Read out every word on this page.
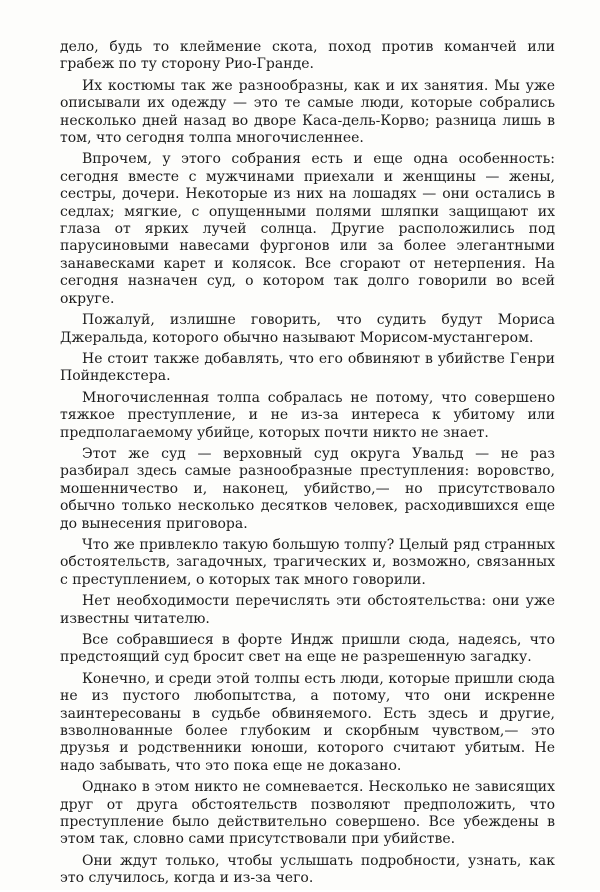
дело, будь то клеймение скота, поход против команчей или грабеж по ту сторону Рио-Гранде.

Их костюмы так же разнообразны, как и их занятия. Мы уже описывали их одежду — это те самые люди, которые собрались несколько дней назад во дворе Каса-дель-Корво; разница лишь в том, что сегодня толпа многочисленнее.

Впрочем, у этого собрания есть и еще одна особенность: сегодня вместе с мужчинами приехали и женщины — жены, сестры, дочери. Некоторые из них на лошадях — они остались в седлах; мягкие, с опущенными полями шляпки защищают их глаза от ярких лучей солнца. Другие расположились под парусиновыми навесами фургонов или за более элегантными занавесками карет и колясок. Все сгорают от нетерпения. На сегодня назначен суд, о котором так долго говорили во всей округе.

Пожалуй, излишне говорить, что судить будут Мориса Джеральда, которого обычно называют Морисом-мустангером.

Не стоит также добавлять, что его обвиняют в убийстве Генри Пойндекстера.

Многочисленная толпа собралась не потому, что совершено тяжкое преступление, и не из-за интереса к убитому или предполагаемому убийце, которых почти никто не знает.

Этот же суд — верховный суд округа Увальд — не раз разбирал здесь самые разнообразные преступления: воровство, мошенничество и, наконец, убийство,— но присутствовало обычно только несколько десятков человек, расходившихся еще до вынесения приговора.

Что же привлекло такую большую толпу? Целый ряд странных обстоятельств, загадочных, трагических и, возможно, связанных с преступлением, о которых так много говорили.

Нет необходимости перечислять эти обстоятельства: они уже известны читателю.

Все собравшиеся в форте Индж пришли сюда, надеясь, что предстоящий суд бросит свет на еще не разрешенную загадку.

Конечно, и среди этой толпы есть люди, которые пришли сюда не из пустого любопытства, а потому, что они искренне заинтересованы в судьбе обвиняемого. Есть здесь и другие, взволнованные более глубоким и скорбным чувством,— это друзья и родственники юноши, которого считают убитым. Не надо забывать, что это пока еще не доказано.

Однако в этом никто не сомневается. Несколько не зависящих друг от друга обстоятельств позволяют предположить, что преступление было действительно совершено. Все убеждены в этом так, словно сами присутствовали при убийстве.

Они ждут только, чтобы услышать подробности, узнать, как это случилось, когда и из-за чего.
